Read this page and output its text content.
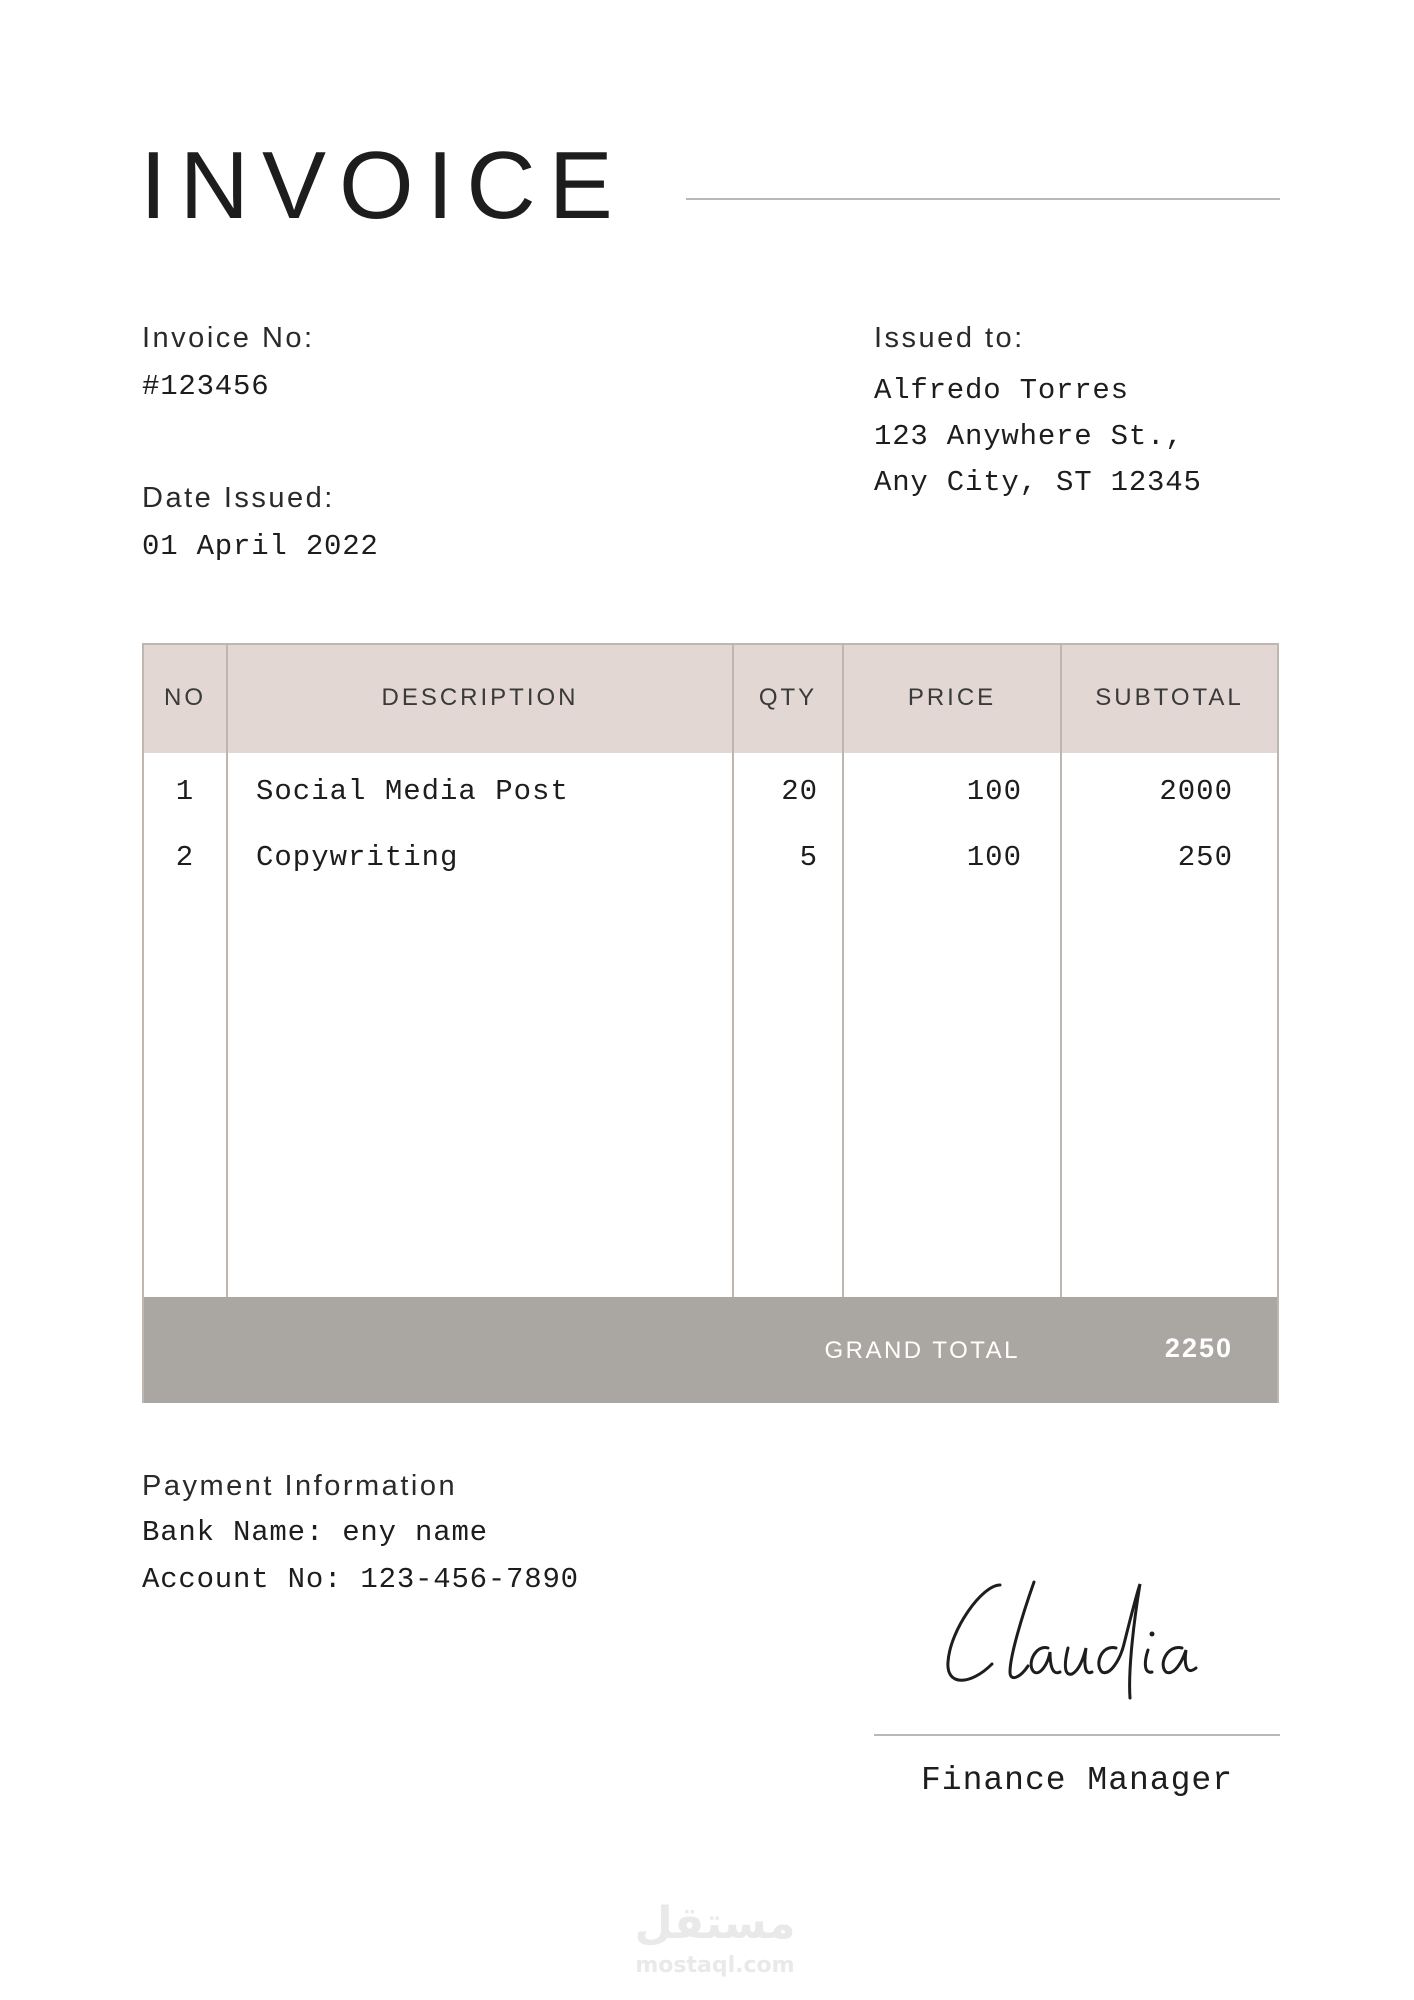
INVOICE
Invoice No:
#123456
Date Issued:
01 April 2022
Issued to:
Alfredo Torres
123 Anywhere St.,
Any City, ST 12345
NO	DESCRIPTION	QTY	PRICE	SUBTOTAL
1	Social Media Post	20	100	2000
2	Copywriting	5	100	250
GRAND TOTAL	2250
Payment Information
Bank Name: eny name
Account No: 123-456-7890
Finance Manager
مستقل
mostaql.com
